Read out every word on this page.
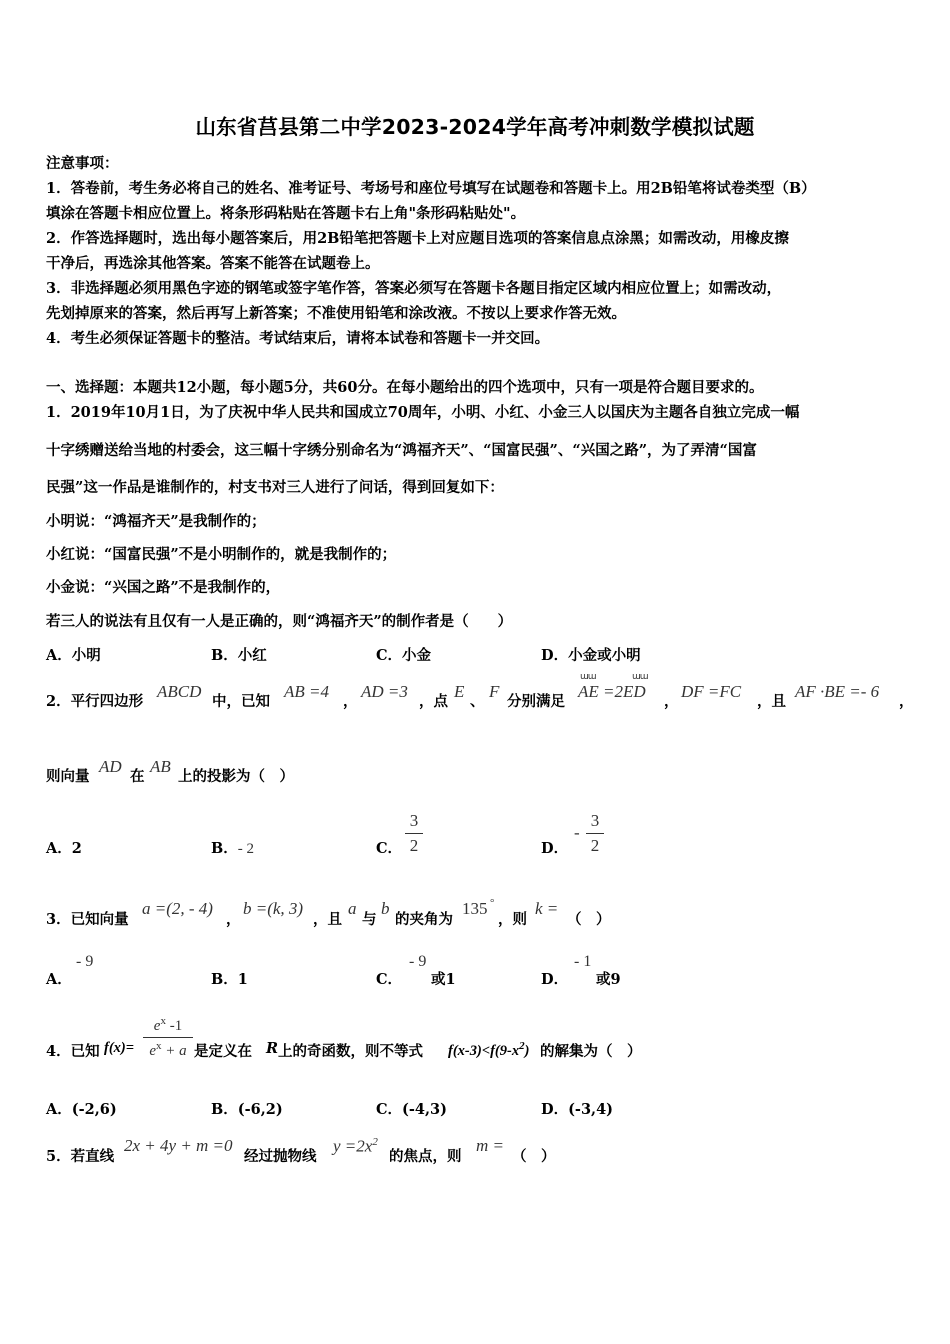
山东省莒县第二中学2023-2024学年高考冲刺数学模拟试题
注意事项：
1．答卷前，考生务必将自己的姓名、准考证号、考场号和座位号填写在试题卷和答题卡上。用2B铅笔将试卷类型（B）
填涂在答题卡相应位置上。将条形码粘贴在答题卡右上角"条形码粘贴处"。
2．作答选择题时，选出每小题答案后，用2B铅笔把答题卡上对应题目选项的答案信息点涂黑；如需改动，用橡皮擦
干净后，再选涂其他答案。答案不能答在试题卷上。
3．非选择题必须用黑色字迹的钢笔或签字笔作答，答案必须写在答题卡各题目指定区域内相应位置上；如需改动，
先划掉原来的答案，然后再写上新答案；不准使用铅笔和涂改液。不按以上要求作答无效。
4．考生必须保证答题卡的整洁。考试结束后，请将本试卷和答题卡一并交回。
一、选择题：本题共12小题，每小题5分，共60分。在每小题给出的四个选项中，只有一项是符合题目要求的。
1．2019年10月1日，为了庆祝中华人民共和国成立70周年，小明、小红、小金三人以国庆为主题各自独立完成一幅
十字绣赠送给当地的村委会，这三幅十字绣分别命名为“鸿福齐天”、“国富民强”、“兴国之路”，为了弄清“国富
民强”这一作品是谁制作的，村支书对三人进行了问话，得到回复如下：
小明说：“鸿福齐天”是我制作的；
小红说：“国富民强”不是小明制作的，就是我制作的；
小金说：“兴国之路”不是我制作的，
若三人的说法有且仅有一人是正确的，则“鸿福齐天”的制作者是（　　）
A．小明	B．小红	C．小金	D．小金或小明
2．平行四边形
ABCD
中，已知
AB =4
，
AD =3
，点
E
、
F
分别满足
ɯɯ	ɯɯ
AE =2ED
，
DF =FC
，且
AF ·BE =- 6
，
则向量
AD
在
AB
上的投影为（　）
A．2	B．- 2	C．
3
2	D．
-
3
2
3．已知向量
a =(2, - 4)
，
b =(k, 3)
，且
a
与
b
的夹角为
135 °
，则
k =
（　）
A．
- 9
B．1	C．
- 9
或1	D．
- 1
或9
4．已知 f(x)=
$e^x$ -1
$e^x + a$ 是定义在 R 上的奇函数，则不等式 $f(x-3)<f(9-x^2)$ 的解集为（　）
A．(-2,6)	B．(-6,2)	C．(-4,3)	D．(-3,4)
5．若直线
2x + 4y + m =0
经过抛物线
$y =2x^2$
的焦点，则
m =
（　）
